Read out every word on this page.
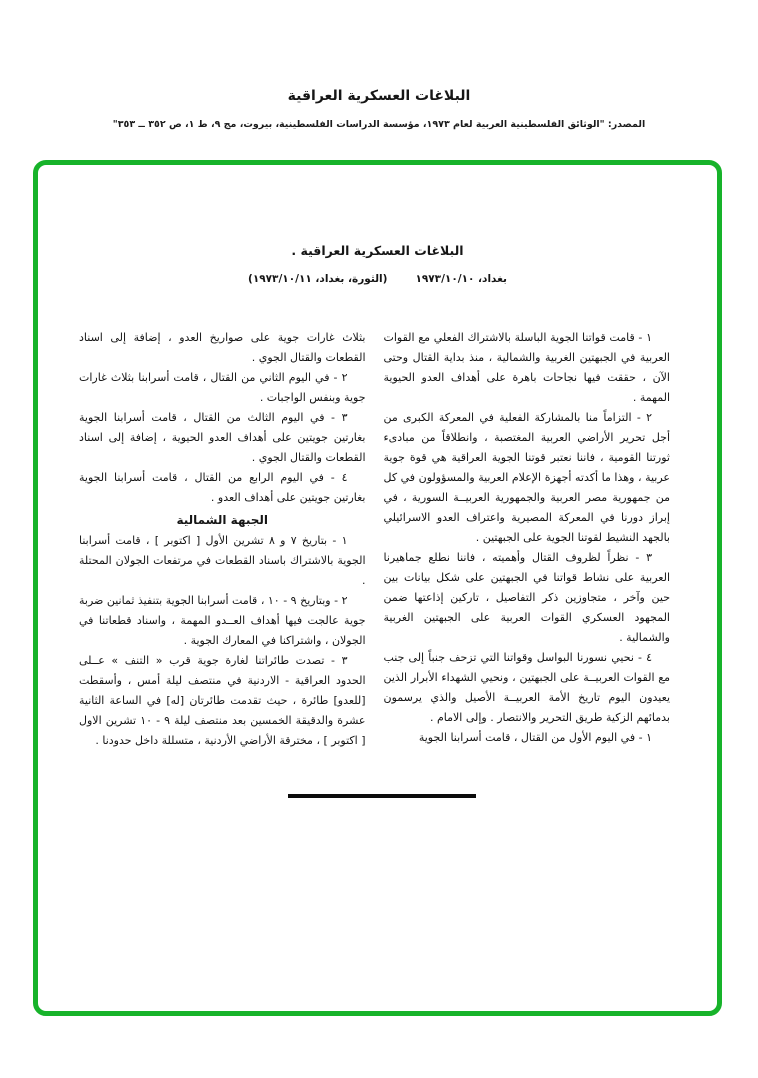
البلاغات العسكرية العراقية
المصدر: "الوثائق الفلسطينية العربية لعام ١٩٧٣، مؤسسة الدراسات الفلسطينية، بيروت، مج ٩، ط ١، ص ٣٥٢ ــ ٣٥٣"
البلاغات العسكرية العراقية .
بغداد، ١٩٧٣/١٠/١٠
(الثورة، بغداد، ١٩٧٣/١٠/١١)

١ - قامت قواتنا الجوية الباسلة بالاشتراك الفعلي مع القوات العربية في الجبهتين الغربية والشمالية ، منذ بداية القتال وحتى الآن ، حققت فيها نجاحات باهرة على أهداف العدو الحيوية المهمة .

٢ - التزاماً منا بالمشاركة الفعلية في المعركة الكبرى من أجل تحرير الأراضي العربية المغتصبة ، وانطلاقاً من مبادىء ثورتنا القومية ، فاننا نعتبر قوتنا الجوية العراقية هي قوة جوية عربية ، وهذا ما أكدته أجهزة الإعلام العربية والمسؤولون في كل من جمهورية مصر العربية والجمهورية العربيــة السورية ، في إبراز دورنا في المعركة المصيرية واعتراف العدو الاسرائيلي بالجهد النشيط لقوتنا الجوية على الجبهتين .

٣ - نظراً لظروف القتال وأهميته ، فاننا نطلع جماهيرنا العربية على نشاط قواتنا في الجبهتين على شكل بيانات بين حين وآخر ، متجاوزين ذكر التفاصيل ، تاركين إذاعتها ضمن المجهود العسكري القوات العربية على الجبهتين الغربية والشمالية .

٤ - نحيي نسورنا البواسل وقواتنا التي تزحف جنباً إلى جنب مع القوات العربيــة على الجبهتين ، ونحيي الشهداء الأبرار الذين يعيدون اليوم تاريخ الأمة العربيــة الأصيل والذي يرسمون بدمائهم الزكية طريق التحرير والانتصار . وإلى الامام .

١ - في اليوم الأول من القتال ، قامت أسرابنا الجوية

بثلاث غارات جوية على صواريخ العدو ، إضافة إلى اسناد القطعات والقتال الجوي .

٢ - في اليوم الثاني من القتال ، قامت أسرابنا بثلاث غارات جوية وبنفس الواجبات .

٣ - في اليوم الثالث من القتال ، قامت أسرابنا الجوية بغارتين جويتين على أهداف العدو الحيوية ، إضافة إلى اسناد القطعات والقتال الجوي .

٤ - في اليوم الرابع من القتال ، قامت أسرابنا الجوية بغارتين جويتين على أهداف العدو .

الجبهة الشمالية

١ - بتاريخ ٧ و ٨ تشرين الأول [ اكتوبر ] ، قامت أسرابنا الجوية بالاشتراك باسناد القطعات في مرتفعات الجولان المحتلة .

٢ - وبتاريخ ٩ - ١٠ ، قامت أسرابنا الجوية بتنفيذ ثمانين ضربة جوية عالجت فيها أهداف العــدو المهمة ، واسناد قطعاتنا في الجولان ، واشتراكنا في المعارك الجوية .

٣ - تصدت طائراتنا لغارة جوية قرب « التنف » عــلى الحدود العراقية - الاردنية في منتصف ليلة أمس ، وأسقطت [للعدو] طائرة ، حيث تقدمت طائرتان [له] في الساعة الثانية عشرة والدقيقة الخمسين بعد منتصف ليلة ٩ - ١٠ تشرين الاول [ اكتوبر ] ، مخترقة الأراضي الأردنية ، متسللة داخل حدودنا .
